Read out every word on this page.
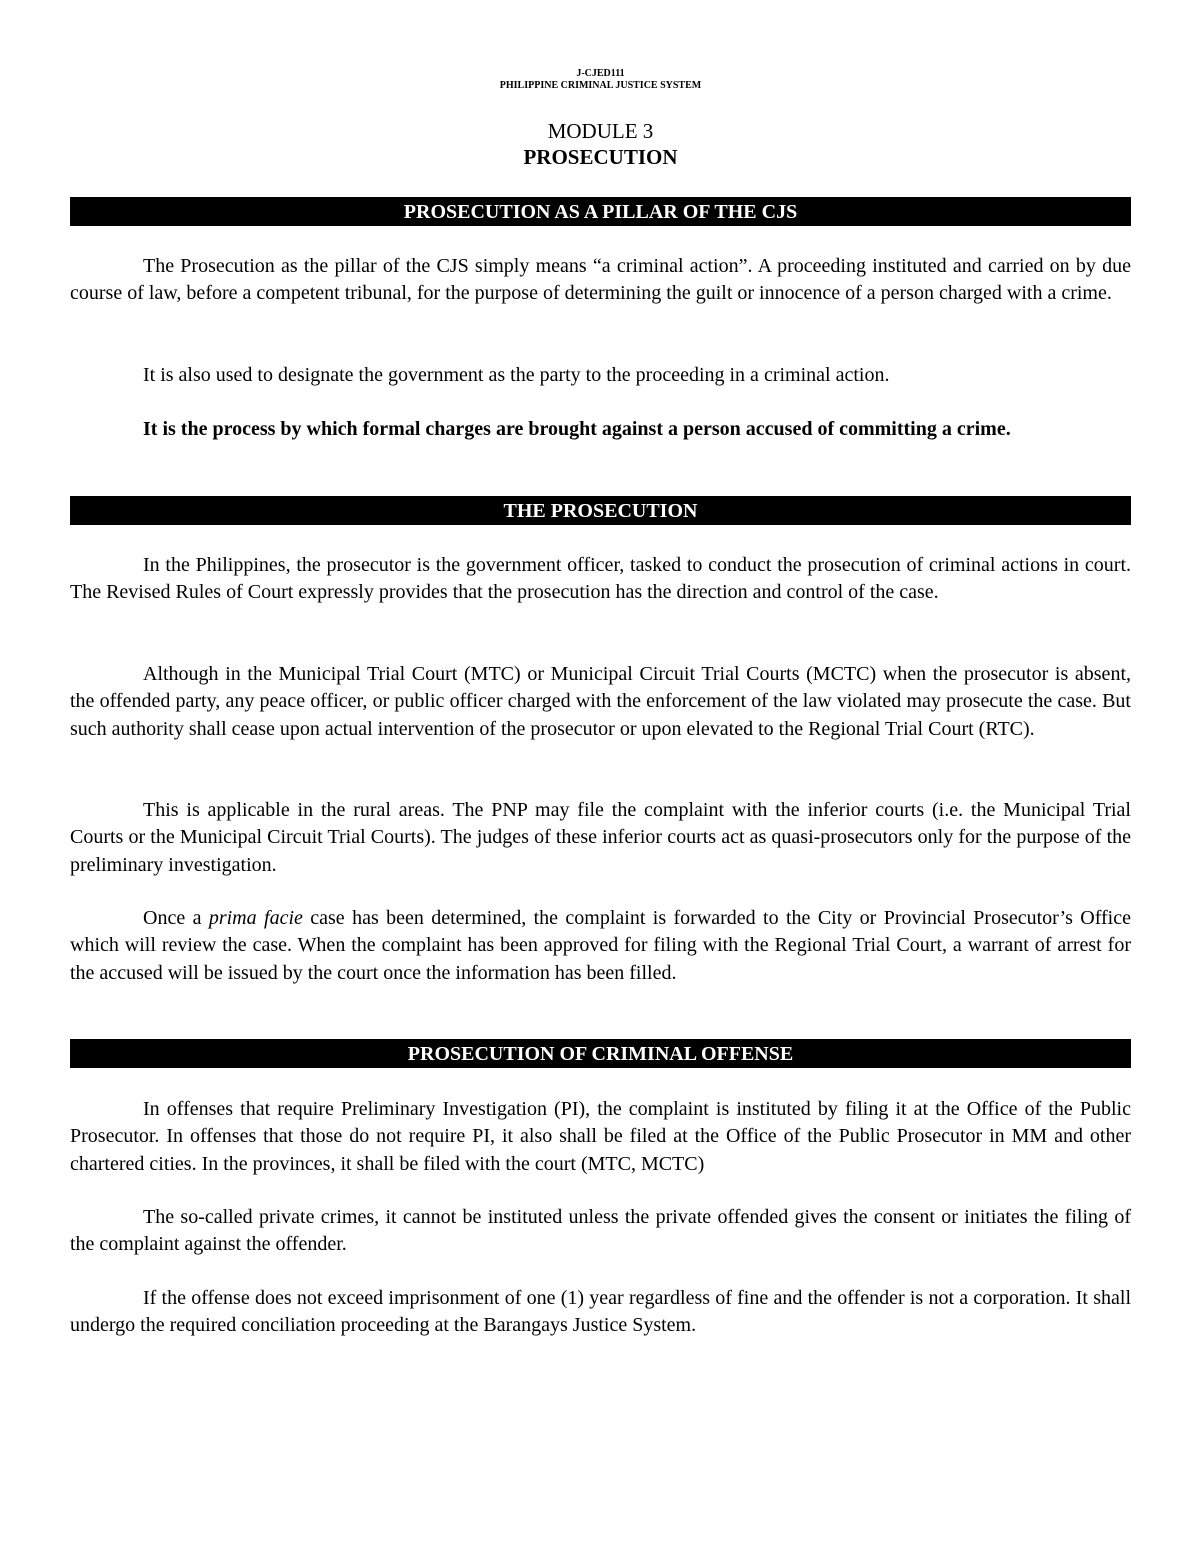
J-CJED111
PHILIPPINE CRIMINAL JUSTICE SYSTEM
MODULE 3
PROSECUTION
PROSECUTION AS A PILLAR OF THE CJS

The Prosecution as the pillar of the CJS simply means “a criminal action”. A proceeding instituted and carried on by due course of law, before a competent tribunal, for the purpose of determining the guilt or innocence of a person charged with a crime.

It is also used to designate the government as the party to the proceeding in a criminal action.

It is the process by which formal charges are brought against a person accused of committing a crime.

THE PROSECUTION

In the Philippines, the prosecutor is the government officer, tasked to conduct the prosecution of criminal actions in court. The Revised Rules of Court expressly provides that the prosecution has the direction and control of the case.

Although in the Municipal Trial Court (MTC) or Municipal Circuit Trial Courts (MCTC) when the prosecutor is absent, the offended party, any peace officer, or public officer charged with the enforcement of the law violated may prosecute the case. But such authority shall cease upon actual intervention of the prosecutor or upon elevated to the Regional Trial Court (RTC).

This is applicable in the rural areas. The PNP may file the complaint with the inferior courts (i.e. the Municipal Trial Courts or the Municipal Circuit Trial Courts). The judges of these inferior courts act as quasi-prosecutors only for the purpose of the preliminary investigation.

Once a prima facie case has been determined, the complaint is forwarded to the City or Provincial Prosecutor’s Office which will review the case. When the complaint has been approved for filing with the Regional Trial Court, a warrant of arrest for the accused will be issued by the court once the information has been filled.

PROSECUTION OF CRIMINAL OFFENSE

In offenses that require Preliminary Investigation (PI), the complaint is instituted by filing it at the Office of the Public Prosecutor. In offenses that those do not require PI, it also shall be filed at the Office of the Public Prosecutor in MM and other chartered cities. In the provinces, it shall be filed with the court (MTC, MCTC)

The so-called private crimes, it cannot be instituted unless the private offended gives the consent or initiates the filing of the complaint against the offender.

If the offense does not exceed imprisonment of one (1) year regardless of fine and the offender is not a corporation. It shall undergo the required conciliation proceeding at the Barangays Justice System.
